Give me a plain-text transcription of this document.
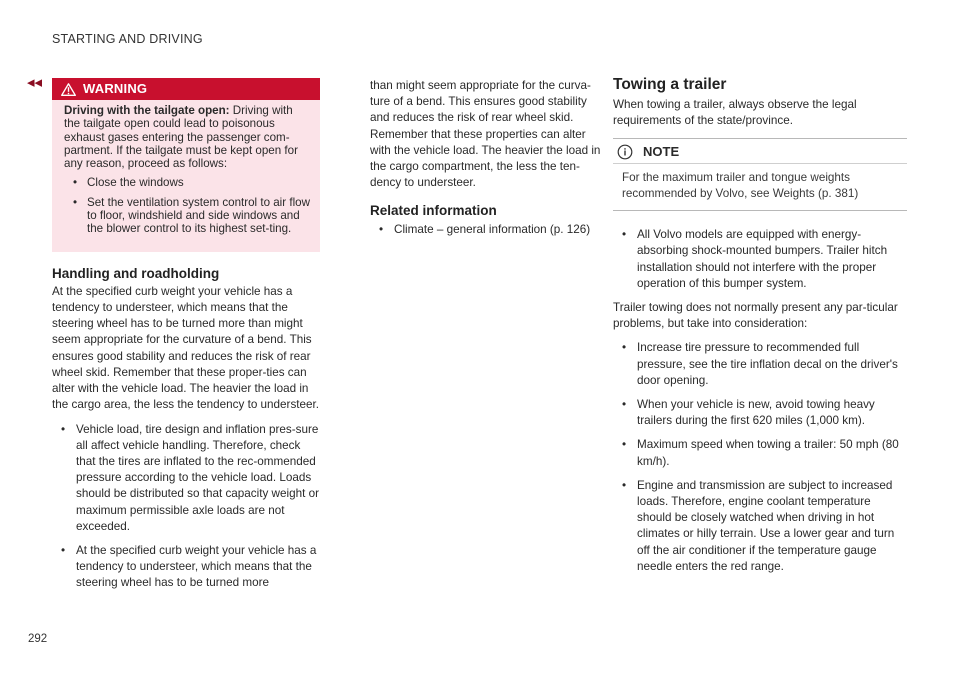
STARTING AND DRIVING
◂◂	WARNING

Driving with the tailgate open: Driving with the tailgate open could lead to poisonous exhaust gases entering the passenger com-partment. If the tailgate must be kept open for any reason, proceed as follows:

• Close the windows
• Set the ventilation system control to air flow to floor, windshield and side windows and the blower control to its highest set-ting.
Handling and roadholding

At the specified curb weight your vehicle has a tendency to understeer, which means that the steering wheel has to be turned more than might seem appropriate for the curvature of a bend. This ensures good stability and reduces the risk of rear wheel skid. Remember that these proper-ties can alter with the vehicle load. The heavier the load in the cargo area, the less the tendency to understeer.

• Vehicle load, tire design and inflation pres-sure all affect vehicle handling. Therefore, check that the tires are inflated to the rec-ommended pressure according to the vehicle load. Loads should be distributed so that capacity weight or maximum permissible axle loads are not exceeded.
• At the specified curb weight your vehicle has a tendency to understeer, which means that the steering wheel has to be turned more

than might seem appropriate for the curva-ture of a bend. This ensures good stability and reduces the risk of rear wheel skid. Remember that these properties can alter with the vehicle load. The heavier the load in the cargo compartment, the less the ten-dency to understeer.

Related information
• Climate – general information (p. 126)
Towing a trailer

When towing a trailer, always observe the legal requirements of the state/province.

NOTE
For the maximum trailer and tongue weights recommended by Volvo, see Weights (p. 381)
• All Volvo models are equipped with energy-absorbing shock-mounted bumpers. Trailer hitch installation should not interfere with the proper operation of this bumper system.

Trailer towing does not normally present any par-ticular problems, but take into consideration:

• Increase tire pressure to recommended full pressure, see the tire inflation decal on the driver's door opening.
• When your vehicle is new, avoid towing heavy trailers during the first 620 miles (1,000 km).
• Maximum speed when towing a trailer: 50 mph (80 km/h).
• Engine and transmission are subject to increased loads. Therefore, engine coolant temperature should be closely watched when driving in hot climates or hilly terrain. Use a lower gear and turn off the air conditioner if the temperature gauge needle enters the red range.
292
